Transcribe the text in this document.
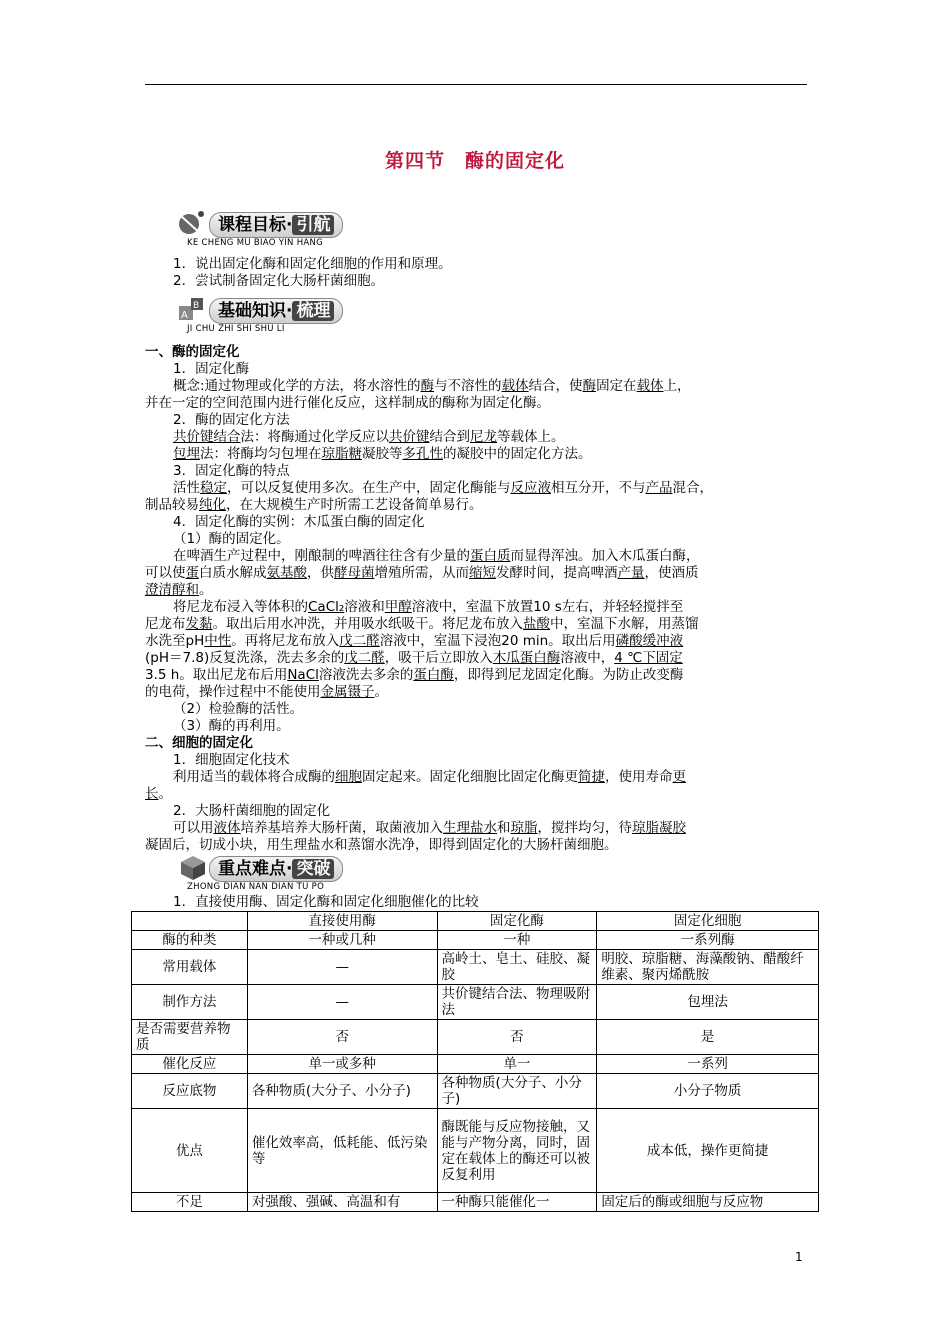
第四节　酶的固定化
课程目标· 引航
KE CHENG MU BIAO YIN HANG
1．说出固定化酶和固定化细胞的作用和原理。
2．尝试制备固定化大肠杆菌细胞。
A
B	基础知识· 梳理
JI CHU ZHI SHI SHU LI
一、酶的固定化
1．固定化酶
概念:通过物理或化学的方法，将水溶性的酶与不溶性的载体结合，使酶固定在载体上，
并在一定的空间范围内进行催化反应，这样制成的酶称为固定化酶。
2．酶的固定化方法
共价键结合法：将酶通过化学反应以共价键结合到尼龙等载体上。
包埋法：将酶均匀包埋在琼脂糖凝胶等多孔性的凝胶中的固定化方法。
3．固定化酶的特点
活性稳定，可以反复使用多次。在生产中，固定化酶能与反应液相互分开，不与产品混合，
制品较易纯化，在大规模生产时所需工艺设备简单易行。
4．固定化酶的实例：木瓜蛋白酶的固定化
（1）酶的固定化。
在啤酒生产过程中，刚酿制的啤酒往往含有少量的蛋白质而显得浑浊。加入木瓜蛋白酶，
可以使蛋白质水解成氨基酸，供酵母菌增殖所需，从而缩短发酵时间，提高啤酒产量，使酒质
澄清醇和。
将尼龙布浸入等体积的CaCl₂溶液和甲醇溶液中，室温下放置10 s左右，并轻轻搅拌至
尼龙布发黏。取出后用水冲洗，并用吸水纸吸干。将尼龙布放入盐酸中，室温下水解，用蒸馏
水洗至pH中性。再将尼龙布放入戊二醛溶液中，室温下浸泡20 min。取出后用磷酸缓冲液
(pH＝7.8)反复洗涤，洗去多余的戊二醛，吸干后立即放入木瓜蛋白酶溶液中，4 ℃下固定
3.5 h。取出尼龙布后用NaCl溶液洗去多余的蛋白酶，即得到尼龙固定化酶。为防止改变酶
的电荷，操作过程中不能使用金属镊子。
（2）检验酶的活性。
（3）酶的再利用。
二、细胞的固定化
1．细胞固定化技术
利用适当的载体将合成酶的细胞固定起来。固定化细胞比固定化酶更简捷，使用寿命更
长。
2．大肠杆菌细胞的固定化
可以用液体培养基培养大肠杆菌，取菌液加入生理盐水和琼脂，搅拌均匀，待琼脂凝胶
凝固后，切成小块，用生理盐水和蒸馏水洗净，即得到固定化的大肠杆菌细胞。
重点难点· 突破
ZHONG DIAN NAN DIAN TU PO
1．直接使用酶、固定化酶和固定化细胞催化的比较
	直接使用酶	固定化酶	固定化细胞
酶的种类	一种或几种	一种	一系列酶
常用载体	—	高岭土、皂土、硅胶、凝胶	明胶、琼脂糖、海藻酸钠、醋酸纤维素、聚丙烯酰胺
制作方法	—	共价键结合法、物理吸附法	包埋法
是否需要营养物质	否	否	是
催化反应	单一或多种	单一	一系列
反应底物	各种物质(大分子、小分子)	各种物质(大分子、小分子)	小分子物质
优点	催化效率高，低耗能、低污染等	酶既能与反应物接触，又能与产物分离，同时，固定在载体上的酶还可以被反复利用	成本低，操作更简捷
不足	对强酸、强碱、高温和有	一种酶只能催化一	固定后的酶或细胞与反应物
1
